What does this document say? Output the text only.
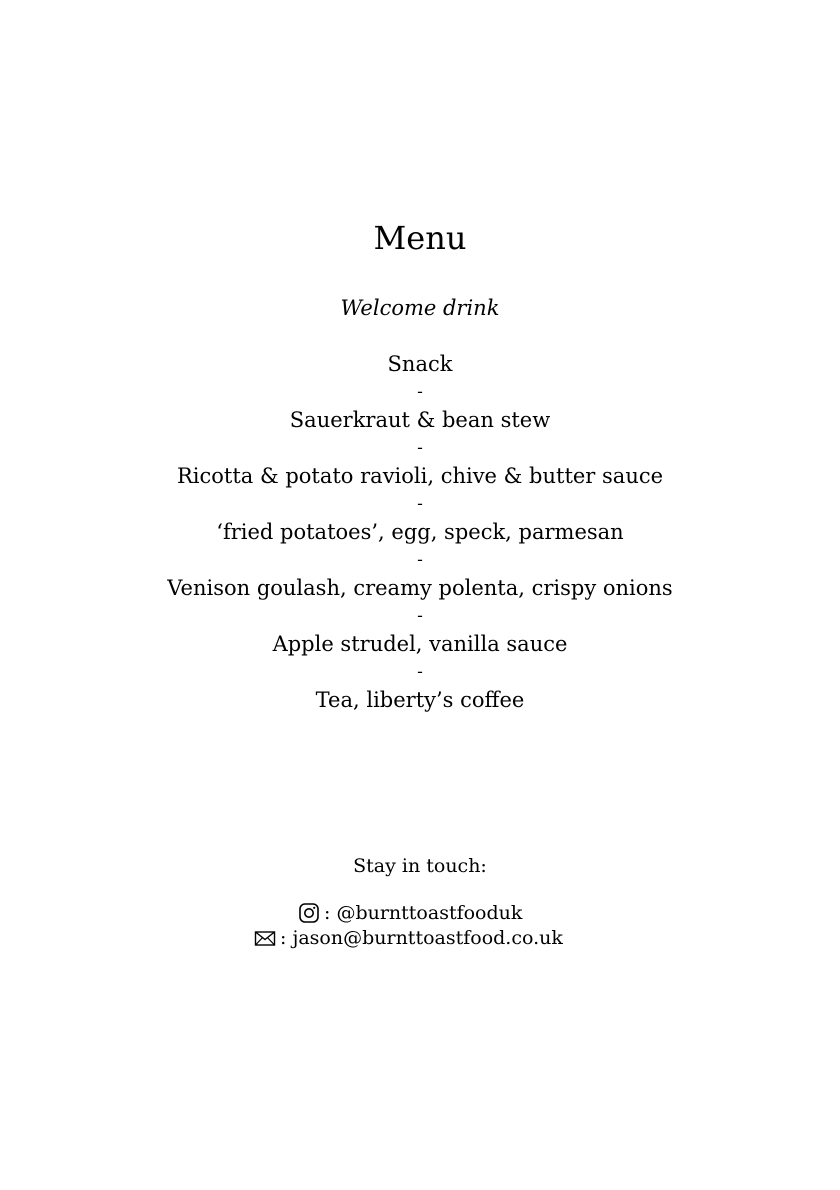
Menu
Welcome drink
Snack
-
Sauerkraut & bean stew
-
Ricotta & potato ravioli, chive & butter sauce
-
‘fried potatoes’, egg, speck, parmesan
-
Venison goulash, creamy polenta, crispy onions
-
Apple strudel, vanilla sauce
-
Tea, liberty’s coffee
Stay in touch:
: @burnttoastfooduk
: jason@burnttoastfood.co.uk
